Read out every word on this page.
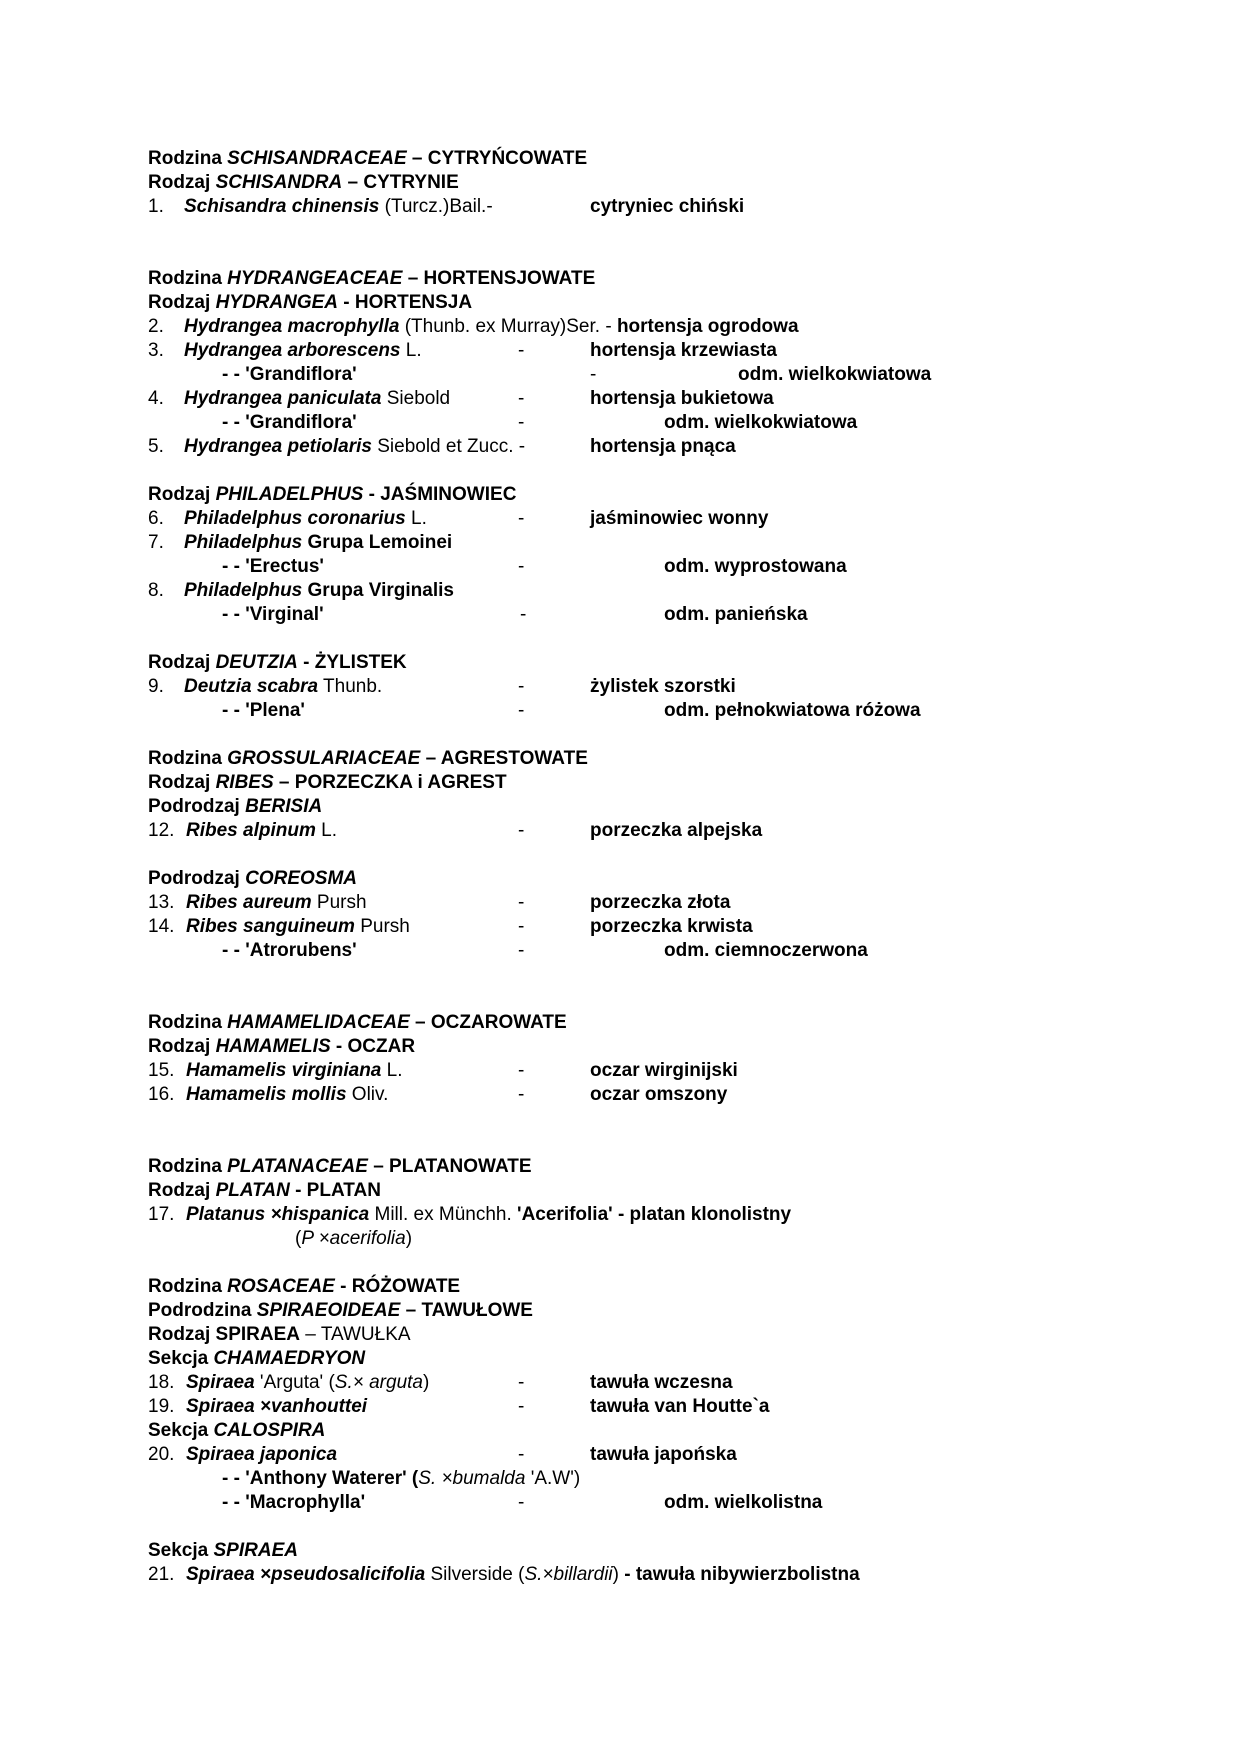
Rodzina SCHISANDRACEAE – CYTRYŃCOWATE
Rodzaj SCHISANDRA – CYTRYNIE
1. Schisandra chinensis (Turcz.)Bail.-	cytryniec chiński
Rodzina HYDRANGEACEAE – HORTENSJOWATE
Rodzaj HYDRANGEA - HORTENSJA
2. Hydrangea macrophylla (Thunb. ex Murray)Ser. - hortensja ogrodowa
3. Hydrangea arborescens L.	-	hortensja krzewiasta
- - 'Grandiflora'	-	odm. wielkokwiatowa
4. Hydrangea paniculata Siebold	-	hortensja bukietowa
- - 'Grandiflora'	-	odm. wielkokwiatowa
5. Hydrangea petiolaris Siebold et Zucc. -	hortensja pnąca
Rodzaj PHILADELPHUS - JAŚMINOWIEC
6. Philadelphus coronarius L.	-	jaśminowiec wonny
7. Philadelphus Grupa Lemoinei
- - 'Erectus'	-	odm. wyprostowana
8. Philadelphus Grupa Virginalis
- - 'Virginal'	-	odm. panieńska
Rodzaj DEUTZIA - ŻYLISTEK
9. Deutzia scabra Thunb.	-	żylistek szorstki
- - 'Plena'	-	odm. pełnokwiatowa różowa
Rodzina GROSSULARIACEAE – AGRESTOWATE
Rodzaj RIBES – PORZECZKA i AGREST
Podrodzaj BERISIA
12. Ribes alpinum L.	-	porzeczka alpejska
Podrodzaj COREOSMA
13. Ribes aureum Pursh	-	porzeczka złota
14. Ribes sanguineum Pursh	-	porzeczka krwista
- - 'Atrorubens'	-	odm. ciemnoczerwona
Rodzina HAMAMELIDACEAE – OCZAROWATE
Rodzaj HAMAMELIS - OCZAR
15. Hamamelis virginiana L.	-	oczar wirginijski
16. Hamamelis mollis Oliv.	-	oczar omszony
Rodzina PLATANACEAE – PLATANOWATE
Rodzaj PLATAN - PLATAN
17. Platanus ×hispanica Mill. ex Münchh. 'Acerifolia' - platan klonolistny
(P ×acerifolia)
Rodzina ROSACEAE - RÓŻOWATE
Podrodzina SPIRAEOIDEAE – TAWUŁOWE
Rodzaj SPIRAEA – TAWUŁKA
Sekcja CHAMAEDRYON
18. Spiraea 'Arguta' (S.× arguta)	-	tawuła wczesna
19. Spiraea ×vanhouttei	-	tawuła van Houtte`a
Sekcja CALOSPIRA
20. Spiraea japonica	-	tawuła japońska
- - 'Anthony Waterer' (S. ×bumalda 'A.W')
- - 'Macrophylla'	-	odm. wielkolistna
Sekcja SPIRAEA
21. Spiraea ×pseudosalicifolia Silverside (S.×billardii) - tawuła nibywierzbolistna
